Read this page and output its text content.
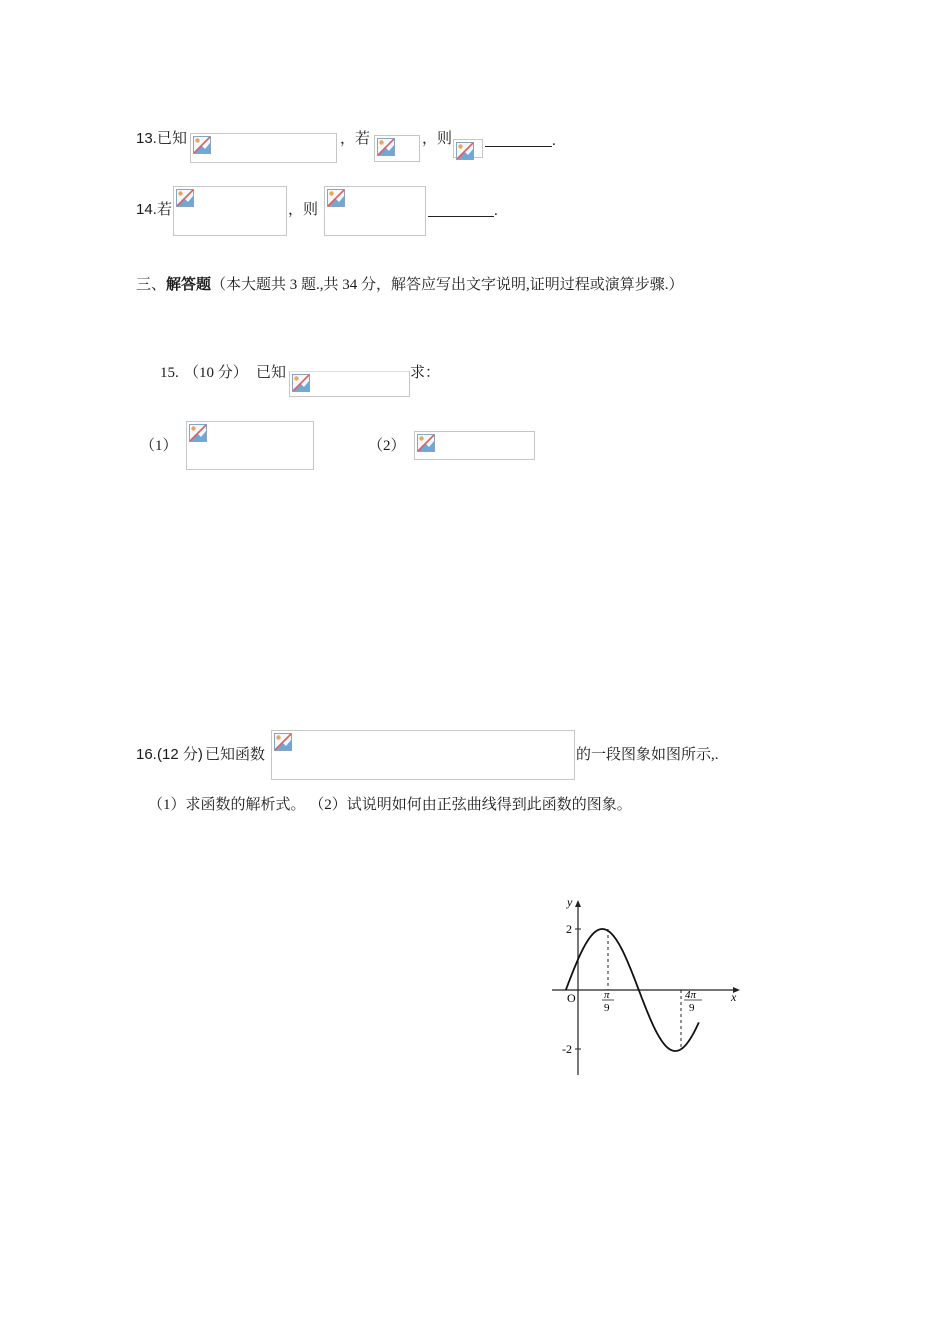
13. 已知	，若	，则	.
14. 若	，则	.
三、解答题（本大题共 3 题.,共 34 分，解答应写出文字说明,证明过程或演算步骤.）
15. （10 分） 已知	求：
（1）	（2）
16. (12 分) 已知函数	的一段图象如图所示,.
（1）求函数的解析式。 （2）试说明如何由正弦曲线得到此函数的图象。
y
x
O
2
-2
π
9
4π
9
